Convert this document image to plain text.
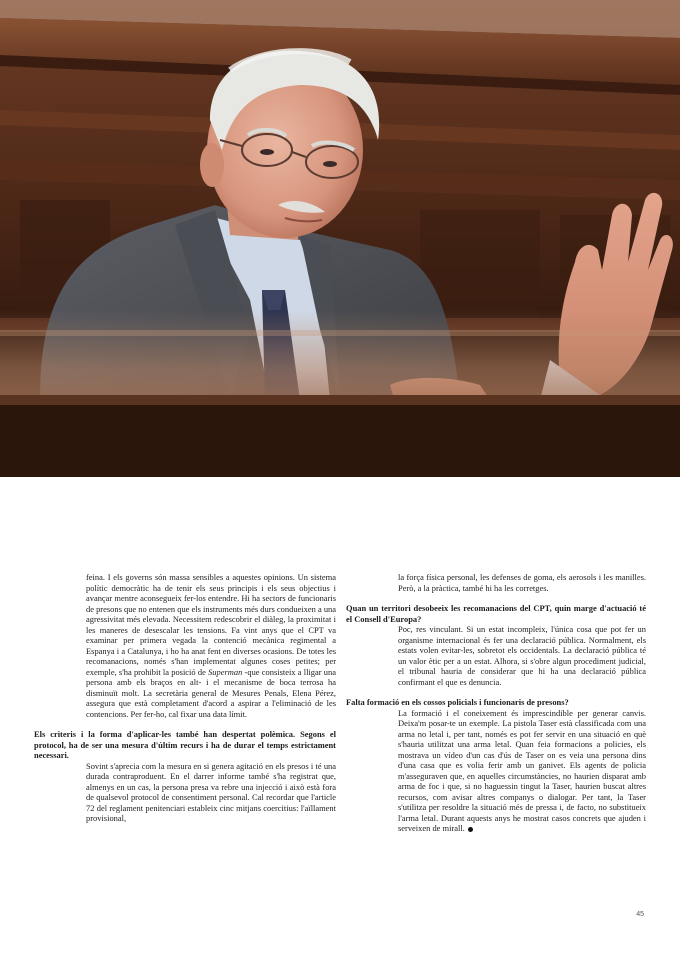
feina. I els governs són massa sensibles a aquestes opinions. Un sistema polític democràtic ha de tenir els seus principis i els seus objectius i avançar mentre aconsegueix fer-los entendre. Hi ha sectors de funcionaris de presons que no entenen que els instruments més durs condueixen a una agressivitat més elevada. Necessitem redescobrir el diàleg, la proximitat i les maneres de desescalar les tensions. Fa vint anys que el CPT va examinar per primera vegada la contenció mecànica regimental a Espanya i a Catalunya, i ho ha anat fent en diverses ocasions. De totes les recomanacions, només s'han implementat algunes coses petites; per exemple, s'ha prohibit la posició de Superman -que consisteix a lligar una persona amb els braços en alt- i el mecanisme de boca terrosa ha disminuït molt. La secretària general de Mesures Penals, Elena Pérez, assegura que està completament d'acord a aspirar a l'eliminació de les contencions. Per fer-ho, cal fixar una data límit.

Els criteris i la forma d'aplicar-les també han despertat polèmica. Segons el protocol, ha de ser una mesura d'últim recurs i ha de durar el temps estrictament necessari.

Sovint s'aprecia com la mesura en si genera agitació en els presos i té una durada contraproduent. En el darrer informe també s'ha registrat que, almenys en un cas, la persona presa va rebre una injecció i això està fora de qualsevol protocol de consentiment personal. Cal recordar que l'article 72 del reglament penitenciari estableix cinc mitjans coercitius: l'aïllament provisional,

la força física personal, les defenses de goma, els aerosols i les manilles. Però, a la pràctica, també hi ha les corretges.

Quan un territori desobeeix les recomanacions del CPT, quin marge d'actuació té el Consell d'Europa?

Poc, res vinculant. Si un estat incompleix, l'única cosa que pot fer un organisme internacional és fer una declaració pública. Normalment, els estats volen evitar-les, sobretot els occidentals. La declaració pública té un valor ètic per a un estat. Alhora, si s'obre algun procediment judicial, el tribunal hauria de considerar que hi ha una declaració pública confirmant el que es denuncia.

Falta formació en els cossos policials i funcionaris de presons?

La formació i el coneixement és imprescindible per generar canvis. Deixa'm posar-te un exemple. La pistola Taser està classificada com una arma no letal i, per tant, només es pot fer servir en una situació en què s'hauria utilitzat una arma letal. Quan feia formacions a policies, els mostrava un vídeo d'un cas d'ús de Taser on es veia una persona dins d'una casa que es volia ferir amb un ganivet. Els agents de policia m'asseguraven que, en aquelles circumstàncies, no haurien disparat amb arma de foc i que, si no haguessin tingut la Taser, haurien buscat altres recursos, com avisar altres companys o dialogar. Per tant, la Taser s'utilitza per resoldre la situació més de pressa i, de facto, no substitueix l'arma letal. Durant aquests anys he mostrat casos concrets que ajuden i serveixen de mirall.

45
